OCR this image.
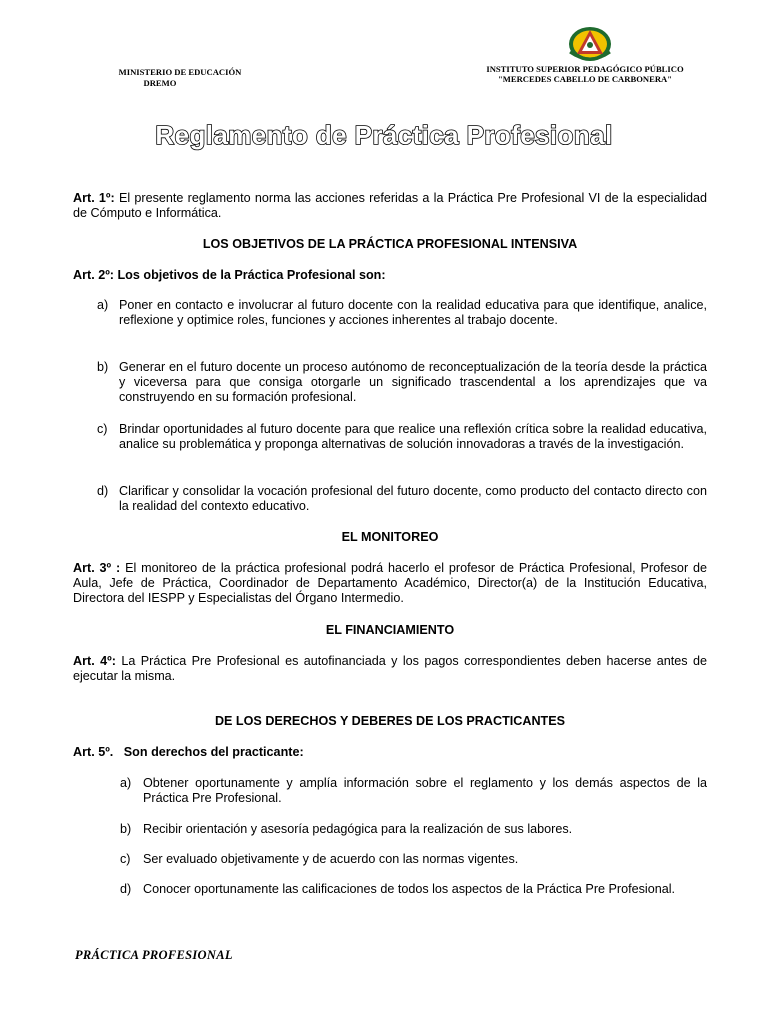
MINISTERIO DE EDUCACIÓN

DREMO
INSTITUTO SUPERIOR PEDAGÓGICO PÚBLICO
"MERCEDES CABELLO DE CARBONERA"
Reglamento de Práctica Profesional
Art. 1º: El presente reglamento norma las acciones referidas a la Práctica Pre Profesional VI de la especialidad de Cómputo e Informática.
LOS OBJETIVOS DE LA PRÁCTICA PROFESIONAL INTENSIVA
Art. 2º: Los objetivos de la Práctica Profesional son:
a) Poner en contacto e involucrar al futuro docente con la realidad educativa para que identifique, analice, reflexione y optimice roles, funciones y acciones inherentes al trabajo docente.
b) Generar en el futuro docente un proceso autónomo de reconceptualización de la teoría desde la práctica y viceversa para que consiga otorgarle un significado trascendental a los aprendizajes que va construyendo en su formación profesional.
c) Brindar oportunidades al futuro docente para que realice una reflexión crítica sobre la realidad educativa, analice su problemática y proponga alternativas de solución innovadoras a través de la investigación.
d) Clarificar y consolidar la vocación profesional del futuro docente, como producto del contacto directo con la realidad del contexto educativo.
EL MONITOREO
Art. 3º : El monitoreo de la práctica profesional podrá hacerlo el profesor de Práctica Profesional, Profesor de Aula, Jefe de Práctica, Coordinador de Departamento Académico, Director(a) de la Institución Educativa, Directora del IESPP y Especialistas del Órgano Intermedio.
EL FINANCIAMIENTO
Art. 4º: La Práctica Pre Profesional es autofinanciada y los pagos correspondientes deben hacerse antes de ejecutar la misma.
DE LOS DERECHOS Y DEBERES DE LOS PRACTICANTES
Art. 5º.   Son derechos del practicante:
a) Obtener oportunamente y amplía información sobre el reglamento y los demás aspectos de la Práctica Pre Profesional.
b) Recibir orientación y asesoría pedagógica para la realización de sus labores.
c) Ser evaluado objetivamente y de acuerdo con las normas vigentes.
d) Conocer oportunamente las calificaciones de todos los aspectos de la Práctica Pre Profesional.
PRÁCTICA PROFESIONAL
